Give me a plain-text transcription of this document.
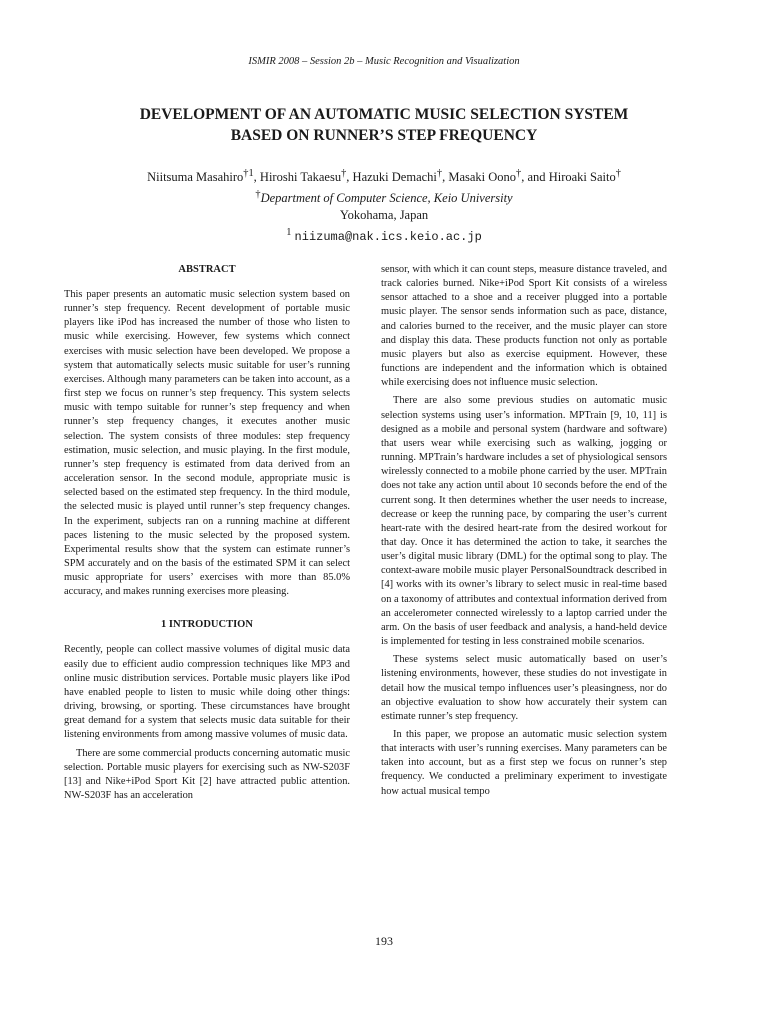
ISMIR 2008 – Session 2b – Music Recognition and Visualization
DEVELOPMENT OF AN AUTOMATIC MUSIC SELECTION SYSTEM
BASED ON RUNNER’S STEP FREQUENCY
Niitsuma Masahiro$^{\dagger 1}$, Hiroshi Takaesu†, Hazuki Demachi†, Masaki Oono†, and Hiroaki Saito†
†Department of Computer Science, Keio University
Yokohama, Japan
$^1$ niizuma@nak.ics.keio.ac.jp
ABSTRACT

This paper presents an automatic music selection system based on runner’s step frequency. Recent development of portable music players like iPod has increased the number of those who listen to music while exercising. However, few systems which connect exercises with music selection have been developed. We propose a system that automatically selects music suitable for user’s running exercises. Although many parameters can be taken into account, as a first step we focus on runner’s step frequency. This system selects music with tempo suitable for runner’s step frequency and when runner’s step frequency changes, it executes another music selection. The system consists of three modules: step frequency estimation, music selection, and music playing. In the first module, runner’s step frequency is estimated from data derived from an acceleration sensor. In the second module, appropriate music is selected based on the estimated step frequency. In the third module, the selected music is played until runner’s step frequency changes. In the experiment, subjects ran on a running machine at different paces listening to the music selected by the proposed system. Experimental results show that the system can estimate runner’s SPM accurately and on the basis of the estimated SPM it can select music appropriate for users’ exercises with more than 85.0% accuracy, and makes running exercises more pleasing.

1 INTRODUCTION

Recently, people can collect massive volumes of digital music data easily due to efficient audio compression techniques like MP3 and online music distribution services. Portable music players like iPod have enabled people to listen to music while doing other things: driving, browsing, or sporting. These circumstances have brought great demand for a system that selects music data suitable for their listening environments from among massive volumes of music data.

There are some commercial products concerning automatic music selection. Portable music players for exercising such as NW-S203F [13] and Nike+iPod Sport Kit [2] have attracted public attention. NW-S203F has an acceleration

sensor, with which it can count steps, measure distance traveled, and track calories burned. Nike+iPod Sport Kit consists of a wireless sensor attached to a shoe and a receiver plugged into a portable music player. The sensor sends information such as pace, distance, and calories burned to the receiver, and the music player can store and display this data. These products function not only as portable music players but also as exercise equipment. However, these functions are independent and the information which is obtained while exercising does not influence music selection.

There are also some previous studies on automatic music selection systems using user’s information. MPTrain [9, 10, 11] is designed as a mobile and personal system (hardware and software) that users wear while exercising such as walking, jogging or running. MPTrain’s hardware includes a set of physiological sensors wirelessly connected to a mobile phone carried by the user. MPTrain does not take any action until about 10 seconds before the end of the current song. It then determines whether the user needs to increase, decrease or keep the running pace, by comparing the user’s current heart-rate with the desired heart-rate from the desired workout for that day. Once it has determined the action to take, it searches the user’s digital music library (DML) for the optimal song to play. The context-aware mobile music player PersonalSoundtrack described in [4] works with its owner’s library to select music in real-time based on a taxonomy of attributes and contextual information derived from an accelerometer connected wirelessly to a laptop carried under the arm. On the basis of user feedback and analysis, a hand-held device is implemented for testing in less constrained mobile scenarios.

These systems select music automatically based on user’s listening environments, however, these studies do not investigate in detail how the musical tempo influences user’s pleasingness, nor do an objective evaluation to show how accurately their system can estimate runner’s step frequency.

In this paper, we propose an automatic music selection system that interacts with user’s running exercises. Many parameters can be taken into account, but as a first step we focus on runner’s step frequency. We conducted a preliminary experiment to investigate how actual musical tempo

193
